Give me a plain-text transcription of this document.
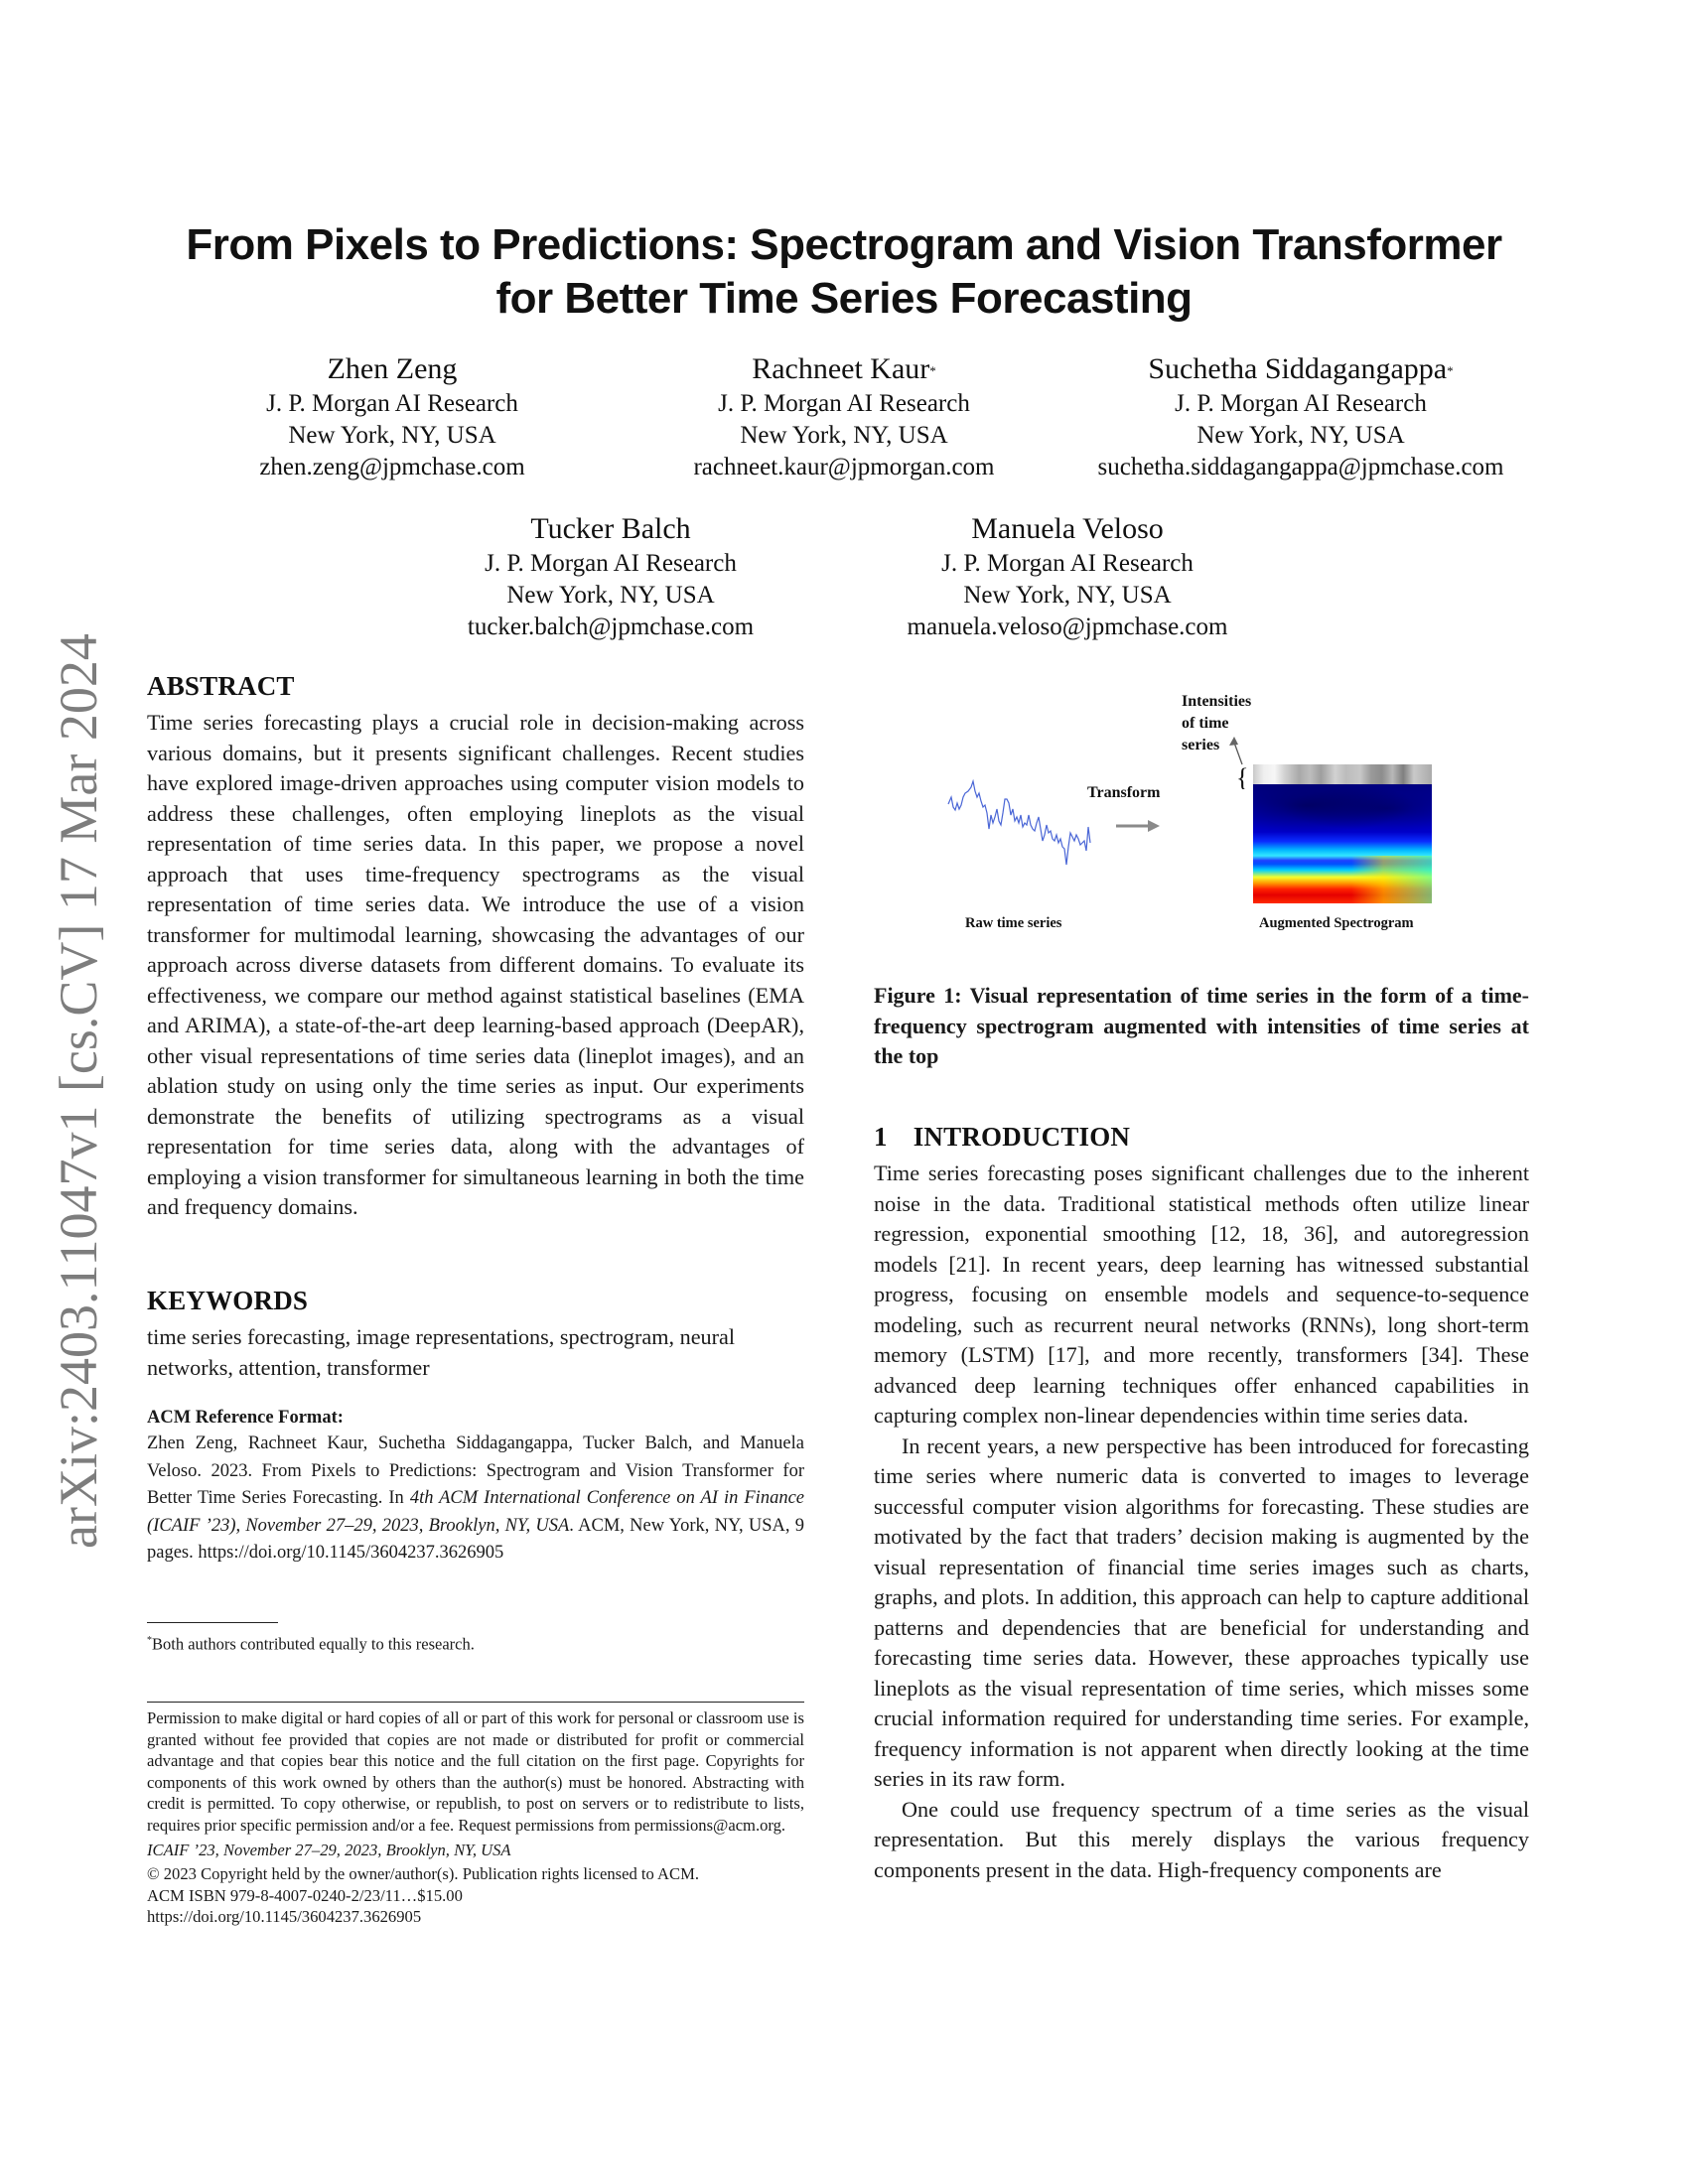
arXiv:2403.11047v1 [cs.CV] 17 Mar 2024
From Pixels to Predictions: Spectrogram and Vision Transformer
for Better Time Series Forecasting
Zhen Zeng
J. P. Morgan AI Research
New York, NY, USA
zhen.zeng@jpmchase.com
Rachneet Kaur*
J. P. Morgan AI Research
New York, NY, USA
rachneet.kaur@jpmorgan.com
Suchetha Siddagangappa*
J. P. Morgan AI Research
New York, NY, USA
suchetha.siddagangappa@jpmchase.com
Tucker Balch
J. P. Morgan AI Research
New York, NY, USA
tucker.balch@jpmchase.com
Manuela Veloso
J. P. Morgan AI Research
New York, NY, USA
manuela.veloso@jpmchase.com
ABSTRACT

Time series forecasting plays a crucial role in decision-making across various domains, but it presents significant challenges. Recent studies have explored image-driven approaches using computer vision models to address these challenges, often employing lineplots as the visual representation of time series data. In this paper, we propose a novel approach that uses time-frequency spectrograms as the visual representation of time series data. We introduce the use of a vision transformer for multimodal learning, showcasing the advantages of our approach across diverse datasets from different domains. To evaluate its effectiveness, we compare our method against statistical baselines (EMA and ARIMA), a state-of-the-art deep learning-based approach (DeepAR), other visual representations of time series data (lineplot images), and an ablation study on using only the time series as input. Our experiments demonstrate the benefits of utilizing spectrograms as a visual representation for time series data, along with the advantages of employing a vision transformer for simultaneous learning in both the time and frequency domains.

KEYWORDS

time series forecasting, image representations, spectrogram, neural networks, attention, transformer

ACM Reference Format:

Zhen Zeng, Rachneet Kaur, Suchetha Siddagangappa, Tucker Balch, and Manuela Veloso. 2023. From Pixels to Predictions: Spectrogram and Vision Transformer for Better Time Series Forecasting. In 4th ACM International Conference on AI in Finance (ICAIF ’23), November 27–29, 2023, Brooklyn, NY, USA. ACM, New York, NY, USA, 9 pages. https://doi.org/10.1145/3604237.3626905

*Both authors contributed equally to this research.

Permission to make digital or hard copies of all or part of this work for personal or classroom use is granted without fee provided that copies are not made or distributed for profit or commercial advantage and that copies bear this notice and the full citation on the first page. Copyrights for components of this work owned by others than the author(s) must be honored. Abstracting with credit is permitted. To copy otherwise, or republish, to post on servers or to redistribute to lists, requires prior specific permission and/or a fee. Request permissions from permissions@acm.org.

ICAIF ’23, November 27–29, 2023, Brooklyn, NY, USA

© 2023 Copyright held by the owner/author(s). Publication rights licensed to ACM.

ACM ISBN 979-8-4007-0240-2/23/11…$15.00

https://doi.org/10.1145/3604237.3626905

Intensities
of time
series
{
Transform
Raw time series	Augmented Spectrogram

Figure 1: Visual representation of time series in the form of a time-frequency spectrogram augmented with intensities of time series at the top

1 INTRODUCTION

Time series forecasting poses significant challenges due to the inherent noise in the data. Traditional statistical methods often utilize linear regression, exponential smoothing [12, 18, 36], and autoregression models [21]. In recent years, deep learning has witnessed substantial progress, focusing on ensemble models and sequence-to-sequence modeling, such as recurrent neural networks (RNNs), long short-term memory (LSTM) [17], and more recently, transformers [34]. These advanced deep learning techniques offer enhanced capabilities in capturing complex non-linear dependencies within time series data.

In recent years, a new perspective has been introduced for forecasting time series where numeric data is converted to images to leverage successful computer vision algorithms for forecasting. These studies are motivated by the fact that traders’ decision making is augmented by the visual representation of financial time series images such as charts, graphs, and plots. In addition, this approach can help to capture additional patterns and dependencies that are beneficial for understanding and forecasting time series data. However, these approaches typically use lineplots as the visual representation of time series, which misses some crucial information required for understanding time series. For example, frequency information is not apparent when directly looking at the time series in its raw form.

One could use frequency spectrum of a time series as the visual representation. But this merely displays the various frequency components present in the data. High-frequency components are
